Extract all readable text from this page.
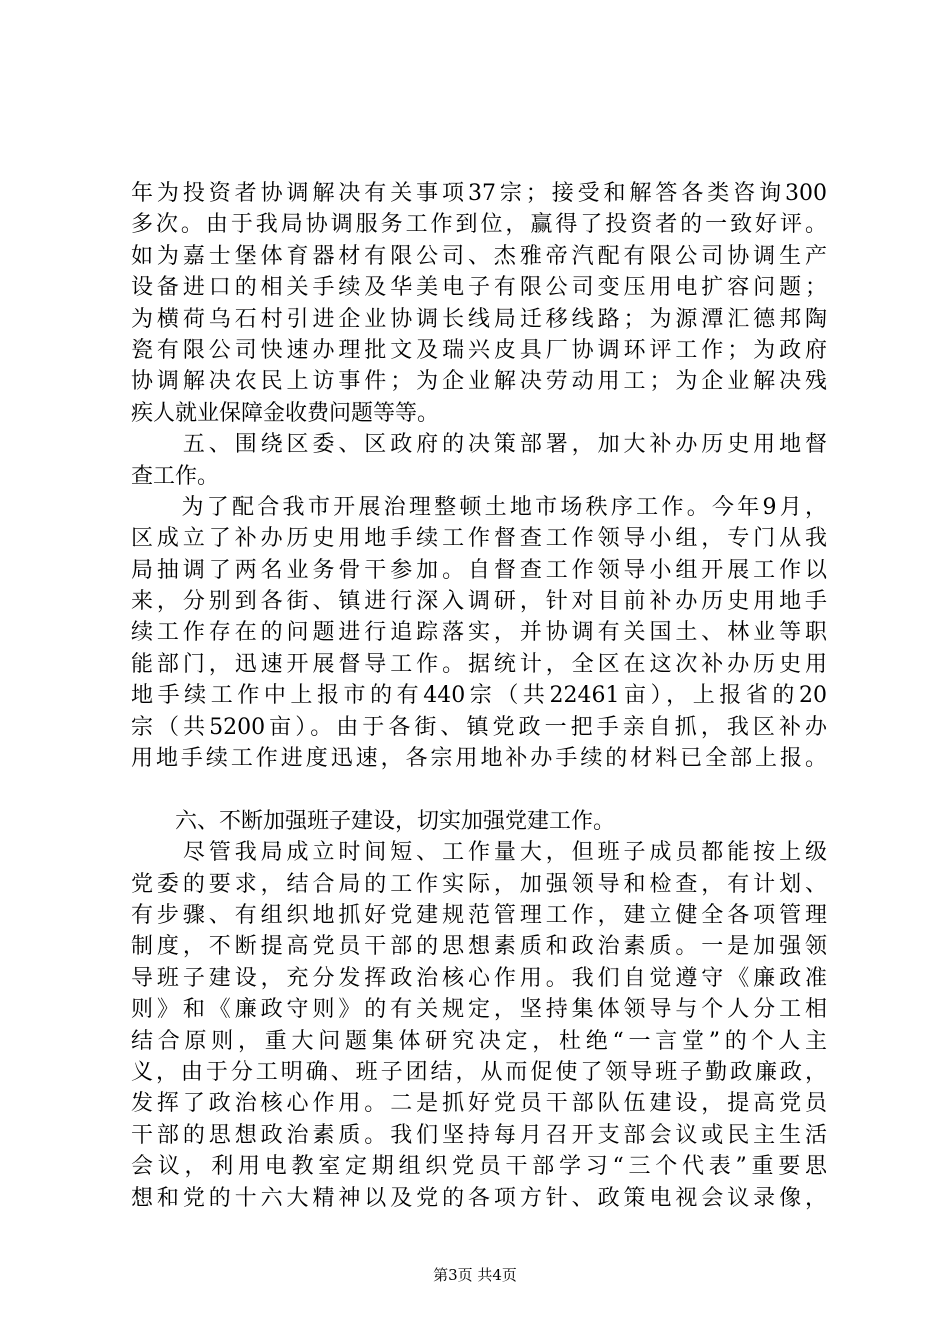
年为投资者协调解决有关事项37宗；接受和解答各类咨询300
多次。由于我局协调服务工作到位，赢得了投资者的一致好评。
如为嘉士堡体育器材有限公司、杰雅帝汽配有限公司协调生产
设备进口的相关手续及华美电子有限公司变压用电扩容问题；
为横荷乌石村引进企业协调长线局迁移线路；为源潭汇德邦陶
瓷有限公司快速办理批文及瑞兴皮具厂协调环评工作；为政府
协调解决农民上访事件；为企业解决劳动用工；为企业解决残
疾人就业保障金收费问题等等。
　　五、围绕区委、区政府的决策部署，加大补办历史用地督
查工作。
　　为了配合我市开展治理整顿土地市场秩序工作。今年9月，
区成立了补办历史用地手续工作督查工作领导小组，专门从我
局抽调了两名业务骨干参加。自督查工作领导小组开展工作以
来，分别到各街、镇进行深入调研，针对目前补办历史用地手
续工作存在的问题进行追踪落实，并协调有关国土、林业等职
能部门，迅速开展督导工作。据统计，全区在这次补办历史用
地手续工作中上报市的有440宗（共22461亩），上报省的20
宗（共5200亩）。由于各街、镇党政一把手亲自抓，我区补办
用地手续工作进度迅速，各宗用地补办手续的材料已全部上报。
　　六、不断加强班子建设，切实加强党建工作。
　　尽管我局成立时间短、工作量大，但班子成员都能按上级
党委的要求，结合局的工作实际，加强领导和检查，有计划、
有步骤、有组织地抓好党建规范管理工作，建立健全各项管理
制度，不断提高党员干部的思想素质和政治素质。一是加强领
导班子建设，充分发挥政治核心作用。我们自觉遵守《廉政准
则》和《廉政守则》的有关规定，坚持集体领导与个人分工相
结合原则，重大问题集体研究决定，杜绝“一言堂”的个人主
义，由于分工明确、班子团结，从而促使了领导班子勤政廉政，
发挥了政治核心作用。二是抓好党员干部队伍建设，提高党员
干部的思想政治素质。我们坚持每月召开支部会议或民主生活
会议，利用电教室定期组织党员干部学习“三个代表”重要思
想和党的十六大精神以及党的各项方针、政策电视会议录像，
第3页 共4页
